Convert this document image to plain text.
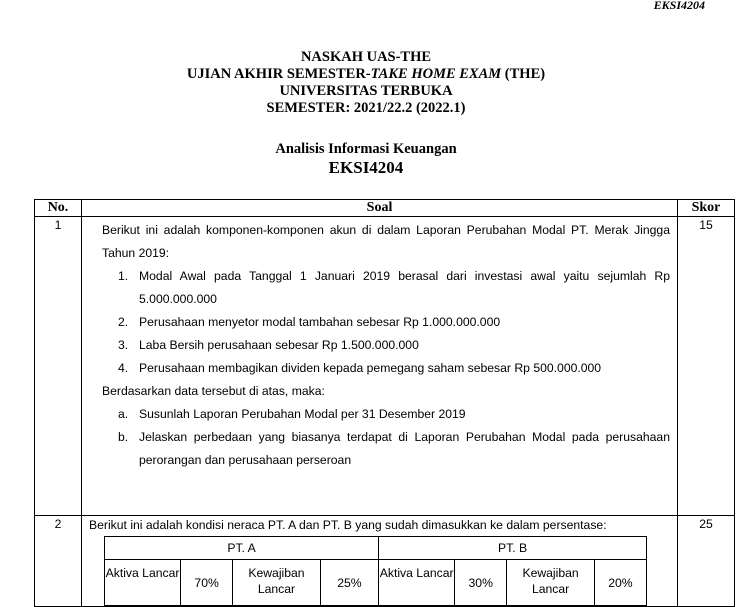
EKSI4204
NASKAH UAS-THE
UJIAN AKHIR SEMESTER-TAKE HOME EXAM (THE)
UNIVERSITAS TERBUKA
SEMESTER: 2021/22.2 (2022.1)
Analisis Informasi Keuangan
EKSI4204
No.	Soal	Skor
1	Berikut ini adalah komponen-komponen akun di dalam Laporan Perubahan Modal PT. Merak Jingga Tahun 2019:
1. Modal Awal pada Tanggal 1 Januari 2019 berasal dari investasi awal yaitu sejumlah Rp 5.000.000.000
2. Perusahaan menyetor modal tambahan sebesar Rp 1.000.000.000
3. Laba Bersih perusahaan sebesar Rp 1.500.000.000
4. Perusahaan membagikan dividen kepada pemegang saham sebesar Rp 500.000.000
Berdasarkan data tersebut di atas, maka:
a. Susunlah Laporan Perubahan Modal per 31 Desember 2019
b. Jelaskan perbedaan yang biasanya terdapat di Laporan Perubahan Modal pada perusahaan perorangan dan perusahaan perseroan
	15
2	Berikut ini adalah kondisi neraca PT. A dan PT. B yang sudah dimasukkan ke dalam persentase:
PT. A	PT. B
Aktiva Lancar	70%	Kewajiban Lancar	25%	Aktiva Lancar	30%	Kewajiban Lancar	20%
	25
